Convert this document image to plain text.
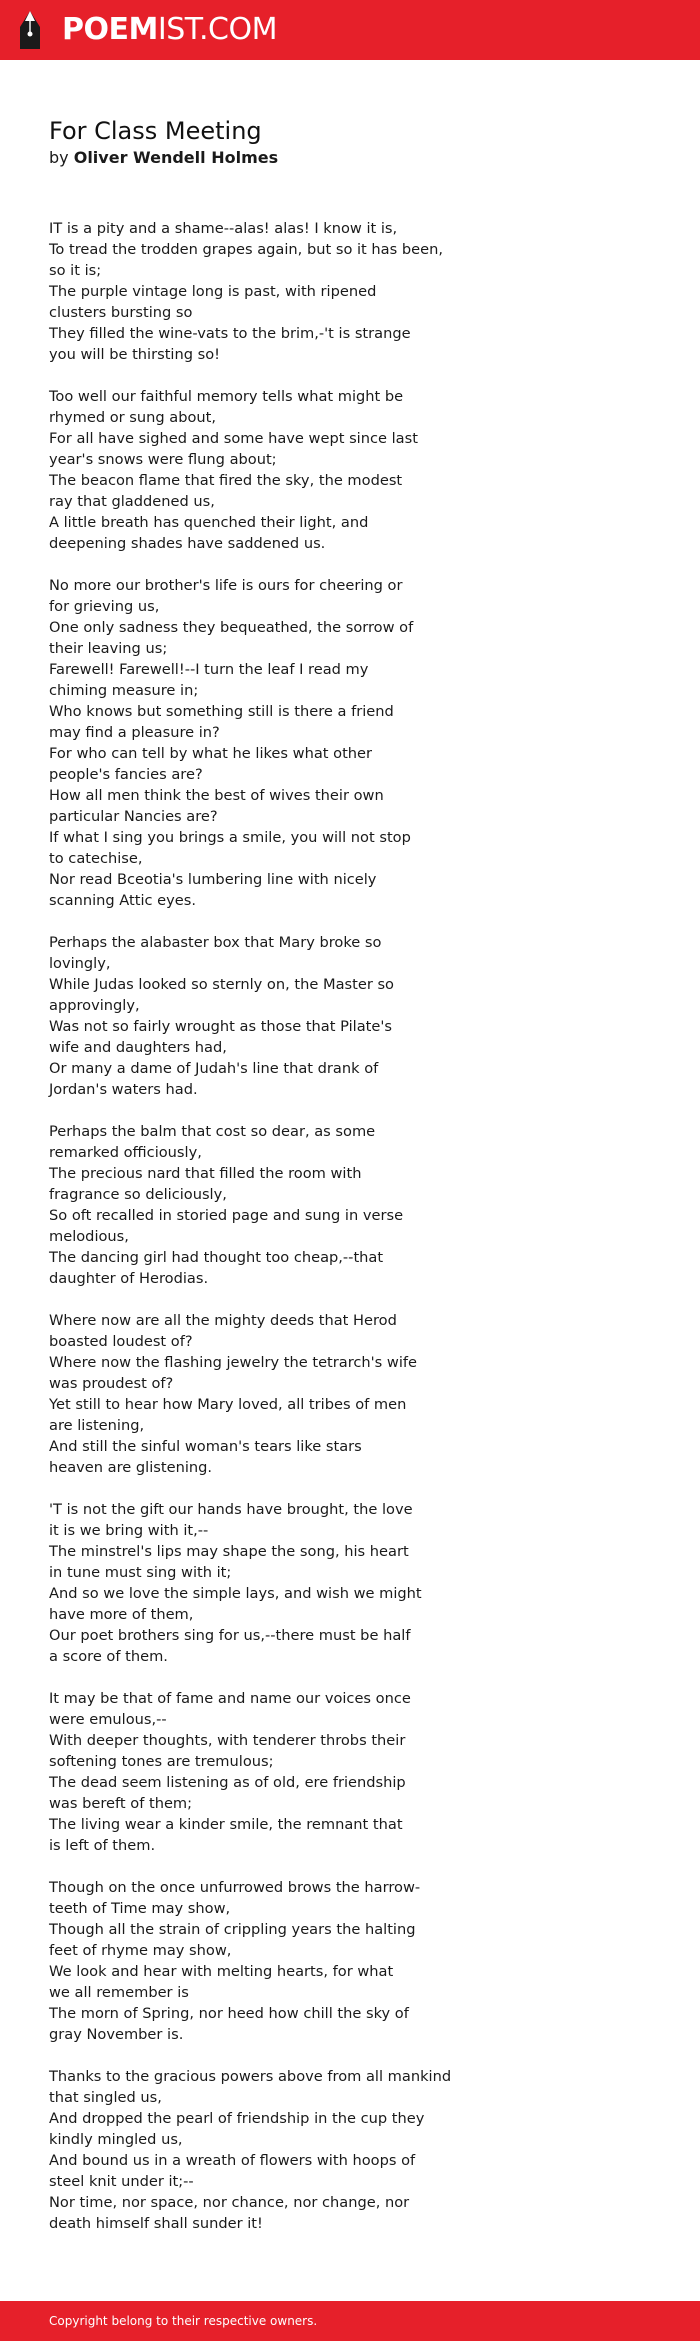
POEMIST.COM
For Class Meeting
by Oliver Wendell Holmes
IT is a pity and a shame--alas! alas! I know it is,
To tread the trodden grapes again, but so it has been,
so it is;
The purple vintage long is past, with ripened
clusters bursting so
They filled the wine-vats to the brim,-'t is strange
you will be thirsting so!
Too well our faithful memory tells what might be
rhymed or sung about,
For all have sighed and some have wept since last
year's snows were flung about;
The beacon flame that fired the sky, the modest
ray that gladdened us,
A little breath has quenched their light, and
deepening shades have saddened us.
No more our brother's life is ours for cheering or
for grieving us,
One only sadness they bequeathed, the sorrow of
their leaving us;
Farewell! Farewell!--I turn the leaf I read my
chiming measure in;
Who knows but something still is there a friend
may find a pleasure in?
For who can tell by what he likes what other
people's fancies are?
How all men think the best of wives their own
particular Nancies are?
If what I sing you brings a smile, you will not stop
to catechise,
Nor read Bceotia's lumbering line with nicely
scanning Attic eyes.
Perhaps the alabaster box that Mary broke so
lovingly,
While Judas looked so sternly on, the Master so
approvingly,
Was not so fairly wrought as those that Pilate's
wife and daughters had,
Or many a dame of Judah's line that drank of
Jordan's waters had.
Perhaps the balm that cost so dear, as some
remarked officiously,
The precious nard that filled the room with
fragrance so deliciously,
So oft recalled in storied page and sung in verse
melodious,
The dancing girl had thought too cheap,--that
daughter of Herodias.
Where now are all the mighty deeds that Herod
boasted loudest of?
Where now the flashing jewelry the tetrarch's wife
was proudest of?
Yet still to hear how Mary loved, all tribes of men
are listening,
And still the sinful woman's tears like stars
heaven are glistening.
'T is not the gift our hands have brought, the love
it is we bring with it,--
The minstrel's lips may shape the song, his heart
in tune must sing with it;
And so we love the simple lays, and wish we might
have more of them,
Our poet brothers sing for us,--there must be half
a score of them.
It may be that of fame and name our voices once
were emulous,--
With deeper thoughts, with tenderer throbs their
softening tones are tremulous;
The dead seem listening as of old, ere friendship
was bereft of them;
The living wear a kinder smile, the remnant that
is left of them.
Though on the once unfurrowed brows the harrow-
teeth of Time may show,
Though all the strain of crippling years the halting
feet of rhyme may show,
We look and hear with melting hearts, for what
we all remember is
The morn of Spring, nor heed how chill the sky of
gray November is.
Thanks to the gracious powers above from all mankind
that singled us,
And dropped the pearl of friendship in the cup they
kindly mingled us,
And bound us in a wreath of flowers with hoops of
steel knit under it;--
Nor time, nor space, nor chance, nor change, nor
death himself shall sunder it!
Copyright belong to their respective owners.
